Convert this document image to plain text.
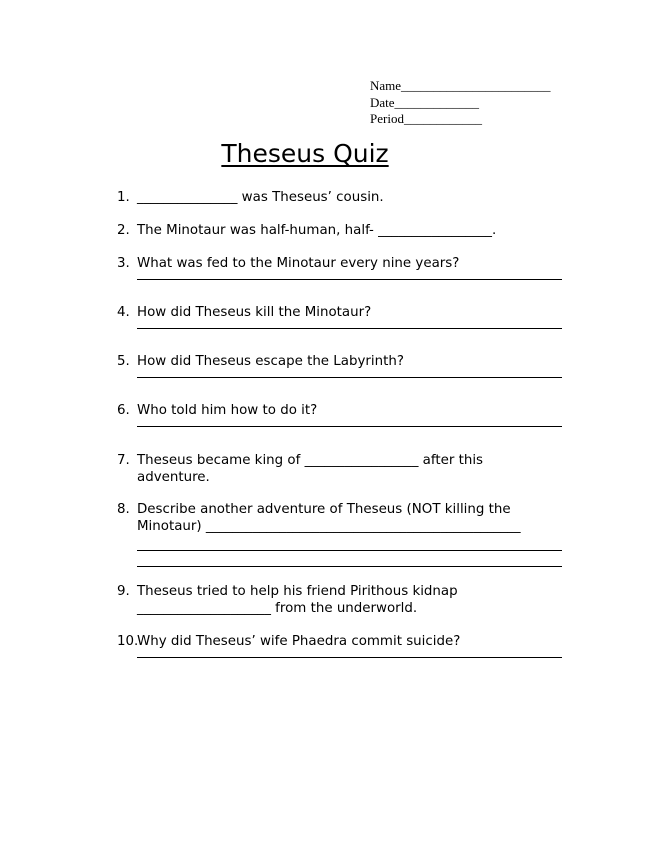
Name_______________________
Date_____________
Period____________
Theseus Quiz
1. _______________ was Theseus’ cousin.
2. The Minotaur was half-human, half- _________________.
3. What was fed to the Minotaur every nine years?
4. How did Theseus kill the Minotaur?
5. How did Theseus escape the Labyrinth?
6. Who told him how to do it?
7. Theseus became king of _________________ after this
adventure.
8. Describe another adventure of Theseus (NOT killing the
Minotaur) _______________________________________________
9. Theseus tried to help his friend Pirithous kidnap
____________________ from the underworld.
10.
Why did Theseus’ wife Phaedra commit suicide?
